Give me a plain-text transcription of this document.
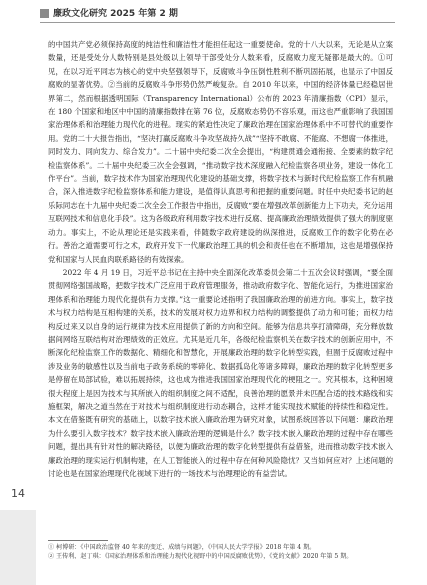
廉政文化研究 2025 年第 2 期

的中国共产党必须保持高度的纯洁性和廉洁性才能担任起这一重要使命。党的十八大以来，无论是从立案数量，还是受处分人数特别是县处级以上领导干部受处分人数来看，反腐败力度无疑都是最大的。①可见，在以习近平同志为核心的党中央坚强领导下，反腐败斗争压倒性胜利不断巩固拓展，也显示了中国反腐败的显著优势。②当前的反腐败斗争形势仍然严峻复杂。自 2010 年以来，中国的经济体量已经稳居世界第二，然而根据透明国际（Transparency International）公布的 2023 年清廉指数（CPI）显示，在 180 个国家和地区中中国的清廉指数排在第 76 位，反腐败态势仍不容乐观，而这也严重影响了我国国家治理体系和治理能力现代化的进程。现实的紧迫性决定了廉政治理在国家治理体系中不可替代的重要作用。党的二十大报告指出，“坚决打赢反腐败斗争攻坚战持久战”“坚持不敢腐、不能腐、不想腐一体推进，同时发力、同向发力、综合发力”。二十届中央纪委二次全会提出，“构建贯通会通衔接、全要素的数字纪检监察体系”。二十届中央纪委三次全会强调，“推动数字技术深度融入纪检监察各项业务，建设一体化工作平台”。当前，数字技术作为国家治理现代化建设的基础支撑，将数字技术与新时代纪检监察工作有机融合，深入推进数字纪检监察体系和能力建设，是值得认真思考和把握的重要问题。时任中央纪委书记的赵乐际同志在十九届中央纪委二次全会工作报告中指出，反腐败“要在增强改革创新能力上下功夫，充分运用互联网技术和信息化手段”。这为各级政府利用数字技术进行反腐、提高廉政治理绩效提供了强大的制度驱动力。事实上，不论从理论还是实践来看，伴随数字政府建设的纵深推进，反腐败工作的数字化势在必行。善治之道需要可行之术，政府开发下一代廉政治理工具的机会和责任也在不断增加，这也是增强保持党和国家与人民血肉联系路径的有效探索。

2022 年 4 月 19 日，习近平总书记在主持中央全面深化改革委员会第二十五次会议时强调，“要全面贯彻网络强国战略，把数字技术广泛应用于政府管理服务，推动政府数字化、智能化运行，为推进国家治理体系和治理能力现代化提供有力支撑。”这一重要论述指明了我国廉政治理的前进方向。事实上，数字技术与权力结构是互相构建的关系，技术的发展对权力边界和权力结构的调整提供了动力和可能；而权力结构反过来又以自身的运行规律为技术应用提供了新的方向和空间。能够为信息共享打清障碍，充分释放数据间网络互联结构对治理绩效的正效应。尤其是近几年，各级纪检监察机关在数字技术的创新应用中，不断深化纪检监察工作的数据化、精细化和智慧化，开展廉政治理的数字化转型实践，但囿于反腐败过程中涉及业务的敏感性以及当前电子政务系统的零碎化、数据孤岛化等诸多障碍，廉政治理的数字化转型更多是停留在局部试验，难以拓展持续，这也成为推进我国国家治理现代化的梗阻之一。究其根本，这种困境很大程度上是因为技术与其所嵌入的组织制度之间不适配，良善治理的愿景并未匹配合适的技术路线和实施框架，解决之道当然在于对技术与组织制度进行动态耦合，这样才能实现技术赋能的持续性和稳定性。本文在借鉴既有研究的基础上，以数字技术嵌入廉政治理为研究对象，试图系统回答以下问题：廉政治理为什么要引入数字技术？数字技术嵌入廉政治理的逻辑是什么？数字技术嵌入廉政治理的过程中存在哪些问题，提出具有针对性的解决路径，以便为廉政治理的数字化转型提供有益借鉴，进而推动数字技术嵌入廉政治理的现实运行机制构建，在人工智能嵌入的过程中存在何种风险隐忧？又当如何应对？上述问题的讨论也是在国家治理现代化视域下进行的一场技术与治理理论的有益尝试。

① 柯博研：《中国政治监督 40 年来的变迁、成绩与问题》，《中国人民大学学报》2018 年第 4 期。
② 王传利、赵丁琪：《国家治理体系和治理能力现代化视野中的中国反腐败优势》，《党的文献》2020 年第 5 期。
14
